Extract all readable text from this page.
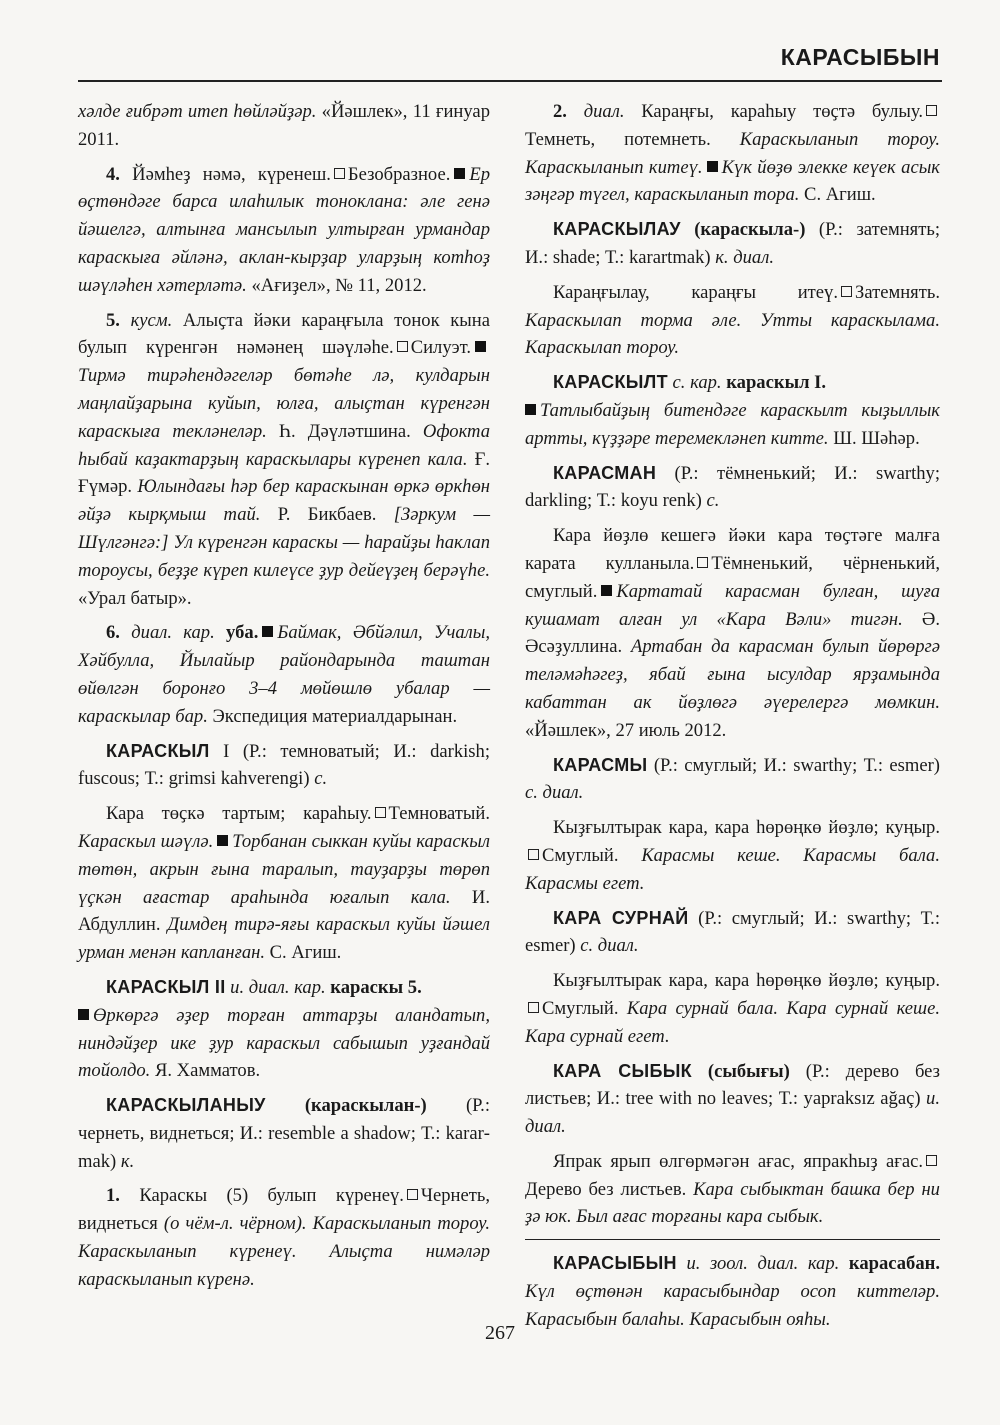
КАРАСЫБЫН

хәлде ғибрәт итеп һөйләйҙәр. «Йәшлек», 11 ғинуар 2011.

4. Йәмһеҙ нәмә, күренеш. Безобразное. Ер өҫтөндәге барса илаһилык тоноклана: әле генә йәшелгә, алтынға мансылып ултырған урмандар караскыға әйләнә, аклан-кырҙар уларҙың котһоҙ шәүләһен хәтерләтә. «Ағиҙел», № 11, 2012.

5. кусм. Алыҫта йәки караңғыла тонок кына булып күренгән нәмәнең шәүләһе. Силуэт.Тирмә тирәһендәгеләр бөтәһе лә, кулдарын маңлайҙарына куйып, юлға, алыҫтан күренгән караскыға текләнеләр. Һ. Дәүләтшина. Офокта һыбай каҙактарҙың караскылары күренеп кала. Ғ. Ғүмәр. Юлындағы һәр бер караскынан өркә өркһөн әйҙә кырқмыш тай. Р. Бикбаев. [Зәркум — Шүлгәнгә:] Ул күренгән караскы — һарайҙы һаклап тороусы, беҙҙе күреп килеүсе ҙур дейеүҙең берәүһе. «Урал батыр».

6. диал. кар. уба. Баймак, Әбйәлил, Учалы, Хәйбулла, Йылайыр райондарында таштан өйөлгән боронғо 3–4 мөйөшлө убалар — караскылар бар. Экспедиция материалдарынан.

КАРАСКЫЛ I (Р.: темноватый; И.: darkish; fuscous; Т.: grimsi kahverengi) с.

Кара төҫкә тартым; караһыу. Темноватый. Караскыл шәүлә. Торбанан сыккан куйы караскыл төтөн, акрын ғына таралып, тауҙарҙы төрөп үҫкән ағастар араһында юғалып кала. И. Абдуллин. Димдең тирә-яғы караскыл куйы йәшел урман менән капланған. С. Агиш.

КАРАСКЫЛ II и. диал. кар. караскы 5.
Өркөргә әҙер торған аттарҙы аландатып, ниндәйҙер ике ҙур караскыл сабышып уҙғандай тойолдо. Я. Хамматов.

КАРАСКЫЛАНЫУ (караскылан-) (Р.: чернеть, виднеться; И.: resemble a shadow; Т.: kararmak) к.

1. Караскы (5) булып күренеү. Чернеть, виднеться (о чём-л. чёрном). Караскыланып тороу. Караскыланып күренеү. Алыҫта нимәләр караскыланып күренә.

2. диал. Караңғы, караһыу төҫтә булыу.Темнеть, потемнеть. Караскыланып тороу. Караскыланып китеү. Күк йөҙө элекке кеүек асык зәңгәр түгел, караскыланып тора. С. Агиш.

КАРАСКЫЛАУ (караскыла-) (Р.: затемнять; И.: shade; Т.: karartmak) к. диал.

Караңғылау, караңғы итеү. Затемнять. Караскылап торма әле. Утты караскылама. Караскылап тороу.

КАРАСКЫЛТ с. кар. караскыл I.
Татлыбайҙың битендәге караскылт кыҙыллык артты, күҙҙәре теремекләнеп китте. Ш. Шәһәр.

КАРАСМАН (Р.: тёмненький; И.: swarthy; darkling; Т.: koyu renk) с.

Кара йөҙлө кешегә йәки кара төҫтәге малға карата кулланыла. Тёмненький, чёрненький, смуглый. Картатай карасман булған, шуға кушамат алған ул «Кара Вәли» тигән. Ә. Әсәҙуллина. Артабан да карасман булып йөрөргә теләмәһәгеҙ, ябай ғына ысулдар ярҙамында кабаттан ак йөҙлөгә әүерелергә мөмкин. «Йәшлек», 27 июль 2012.

КАРАСМЫ (Р.: смуглый; И.: swarthy; Т.: esmer) с. диал.

Кыҙғылтырак кара, кара һөрөңкө йөҙлө; куңыр.Смуглый. Карасмы кеше. Карасмы бала. Карасмы егет.

КАРА СУРНАЙ (Р.: смуглый; И.: swarthy; Т.: esmer) с. диал.

Кыҙғылтырак кара, кара һөрөңкө йөҙлө; куңыр.Смуглый. Кара сурнай бала. Кара сурнай кеше. Кара сурнай егет.

КАРА СЫБЫК (сыбығы) (Р.: дерево без листьев; И.: tree with no leaves; Т.: yapraksız ağaç) и. диал.

Япрак ярып өлгөрмәгән ағас, япракһыҙ ағас.Дерево без листьев. Кара сыбыктан башка бер ни ҙә юк. Был ағас торғаны кара сыбык.

КАРАСЫБЫН и. зоол. диал. кар. карасабан. Күл өҫтөнән карасыбындар осоп киттеләр. Карасыбын балаһы. Карасыбын ояһы.

267
